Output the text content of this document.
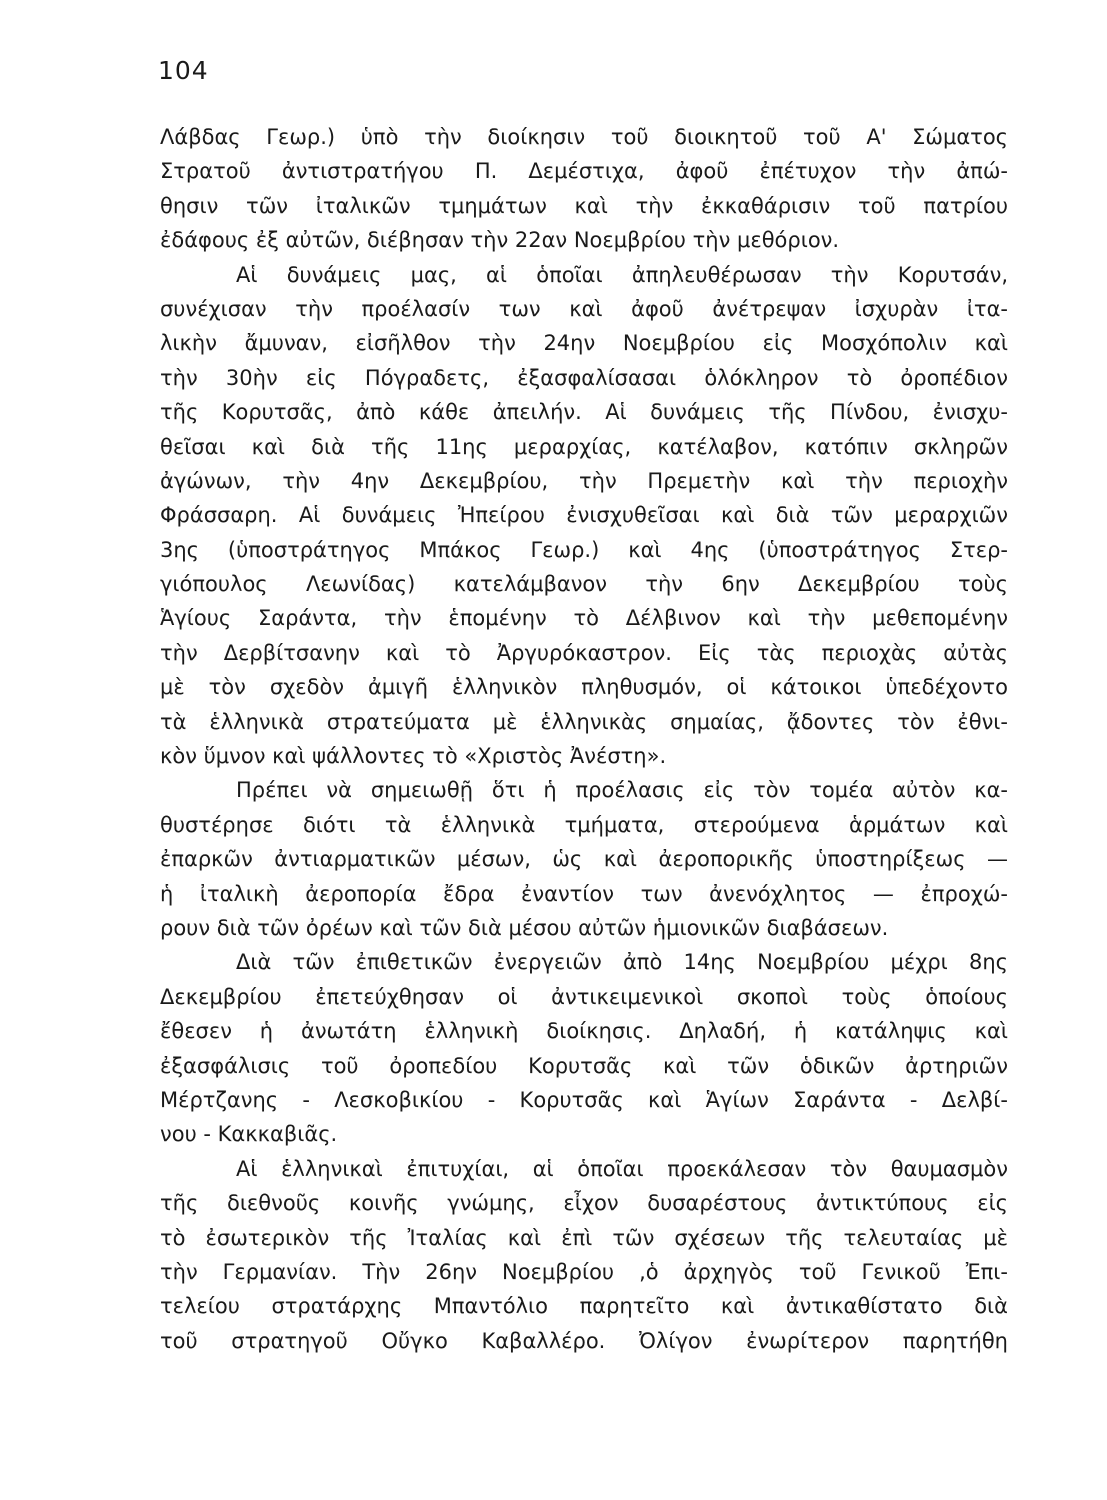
104
Λάβδας Γεωρ.) ὑπὸ τὴν διοίκησιν τοῦ διοικητοῦ τοῦ Α' Σώματος
Στρατοῦ ἀντιστρατήγου Π. Δεμέστιχα, ἀφοῦ ἐπέτυχον τὴν ἀπώ-
θησιν τῶν ἰταλικῶν τμημάτων καὶ τὴν ἐκκαθάρισιν τοῦ πατρίου
ἐδάφους ἐξ αὐτῶν, διέβησαν τὴν 22αν Νοεμβρίου τὴν μεθόριον.
Αἱ δυνάμεις μας, αἱ ὁποῖαι ἀπηλευθέρωσαν τὴν Κορυτσάν,
συνέχισαν τὴν προέλασίν των καὶ ἀφοῦ ἀνέτρεψαν ἰσχυρὰν ἰτα-
λικὴν ἄμυναν, εἰσῆλθον τὴν 24ην Νοεμβρίου εἰς Μοσχόπολιν καὶ
τὴν 30ὴν εἰς Πόγραδετς, ἐξασφαλίσασαι ὁλόκληρον τὸ ὀροπέδιον
τῆς Κορυτσᾶς, ἀπὸ κάθε ἀπειλήν. Αἱ δυνάμεις τῆς Πίνδου, ἐνισχυ-
θεῖσαι καὶ διὰ τῆς 11ης μεραρχίας, κατέλαβον, κατόπιν σκληρῶν
ἀγώνων, τὴν 4ην Δεκεμβρίου, τὴν Πρεμετὴν καὶ τὴν περιοχὴν
Φράσσαρη. Αἱ δυνάμεις Ἠπείρου ἐνισχυθεῖσαι καὶ διὰ τῶν μεραρχιῶν
3ης (ὑποστράτηγος Μπάκος Γεωρ.) καὶ 4ης (ὑποστράτηγος Στερ-
γιόπουλος Λεωνίδας) κατελάμβανον τὴν 6ην Δεκεμβρίου τοὺς
Ἁγίους Σαράντα, τὴν ἑπομένην τὸ Δέλβινον καὶ τὴν μεθεπομένην
τὴν Δερβίτσανην καὶ τὸ Ἀργυρόκαστρον. Εἰς τὰς περιοχὰς αὐτὰς
μὲ τὸν σχεδὸν ἀμιγῆ ἑλληνικὸν πληθυσμόν, οἱ κάτοικοι ὑπεδέχοντο
τὰ ἑλληνικὰ στρατεύματα μὲ ἑλληνικὰς σημαίας, ᾄδοντες τὸν ἐθνι-
κὸν ὕμνον καὶ ψάλλοντες τὸ «Χριστὸς Ἀνέστη».
Πρέπει νὰ σημειωθῇ ὅτι ἡ προέλασις εἰς τὸν τομέα αὐτὸν κα-
θυστέρησε διότι τὰ ἑλληνικὰ τμήματα, στερούμενα ἁρμάτων καὶ
ἐπαρκῶν ἀντιαρματικῶν μέσων, ὡς καὶ ἀεροπορικῆς ὑποστηρίξεως —
ἡ ἰταλικὴ ἀεροπορία ἔδρα ἐναντίον των ἀνενόχλητος — ἐπροχώ-
ρουν διὰ τῶν ὀρέων καὶ τῶν διὰ μέσου αὐτῶν ἡμιονικῶν διαβάσεων.
Διὰ τῶν ἐπιθετικῶν ἐνεργειῶν ἀπὸ 14ης Νοεμβρίου μέχρι 8ης
Δεκεμβρίου ἐπετεύχθησαν οἱ ἀντικειμενικοὶ σκοποὶ τοὺς ὁποίους
ἔθεσεν ἡ ἀνωτάτη ἑλληνικὴ διοίκησις. Δηλαδή, ἡ κατάληψις καὶ
ἐξασφάλισις τοῦ ὀροπεδίου Κορυτσᾶς καὶ τῶν ὁδικῶν ἀρτηριῶν
Μέρτζανης - Λεσκοβικίου - Κορυτσᾶς καὶ Ἁγίων Σαράντα - Δελβί-
νου - Κακκαβιᾶς.
Αἱ ἑλληνικαὶ ἐπιτυχίαι, αἱ ὁποῖαι προεκάλεσαν τὸν θαυμασμὸν
τῆς διεθνοῦς κοινῆς γνώμης, εἶχον δυσαρέστους ἀντικτύπους εἰς
τὸ ἐσωτερικὸν τῆς Ἰταλίας καὶ ἐπὶ τῶν σχέσεων τῆς τελευταίας μὲ
τὴν Γερμανίαν. Τὴν 26ην Νοεμβρίου ,ὁ ἀρχηγὸς τοῦ Γενικοῦ Ἐπι-
τελείου στρατάρχης Μπαντόλιο παρητεῖτο καὶ ἀντικαθίστατο διὰ
τοῦ στρατηγοῦ Οὔγκο Καβαλλέρο. Ὀλίγον ἐνωρίτερον παρητήθη
